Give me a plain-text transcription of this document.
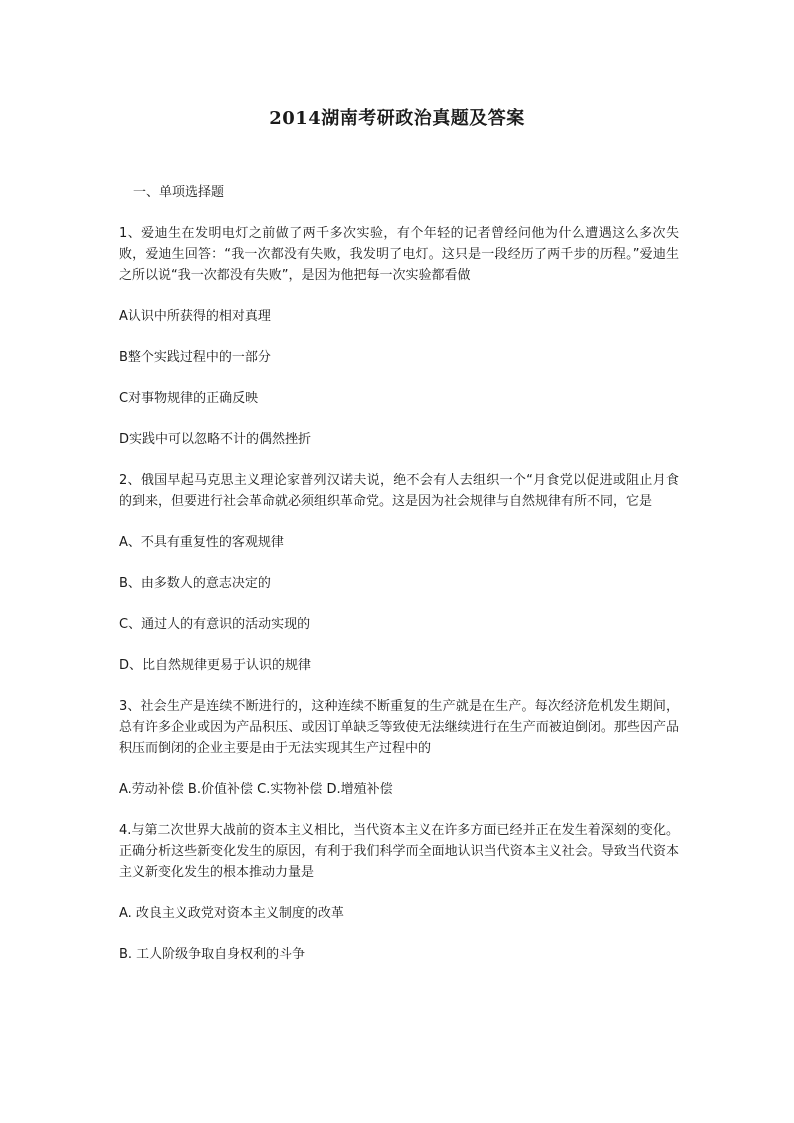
2014湖南考研政治真题及答案
一、单项选择题
1、爱迪生在发明电灯之前做了两千多次实验，有个年轻的记者曾经问他为什么遭遇这么多次失败，爱迪生回答：“我一次都没有失败，我发明了电灯。这只是一段经历了两千步的历程。”爱迪生之所以说“我一次都没有失败”，是因为他把每一次实验都看做
A认识中所获得的相对真理
B整个实践过程中的一部分
C对事物规律的正确反映
D实践中可以忽略不计的偶然挫折
2、俄国早起马克思主义理论家普列汉诺夫说，绝不会有人去组织一个“月食党以促进或阻止月食的到来，但要进行社会革命就必须组织革命党。这是因为社会规律与自然规律有所不同，它是
A、不具有重复性的客观规律
B、由多数人的意志决定的
C、通过人的有意识的活动实现的
D、比自然规律更易于认识的规律
3、社会生产是连续不断进行的，这种连续不断重复的生产就是在生产。每次经济危机发生期间，总有许多企业或因为产品积压、或因订单缺乏等致使无法继续进行在生产而被迫倒闭。那些因产品积压而倒闭的企业主要是由于无法实现其生产过程中的
A.劳动补偿 B.价值补偿 C.实物补偿 D.增殖补偿
4.与第二次世界大战前的资本主义相比，当代资本主义在许多方面已经并正在发生着深刻的变化。正确分析这些新变化发生的原因，有利于我们科学而全面地认识当代资本主义社会。导致当代资本主义新变化发生的根本推动力量是
A. 改良主义政党对资本主义制度的改革
B. 工人阶级争取自身权利的斗争
